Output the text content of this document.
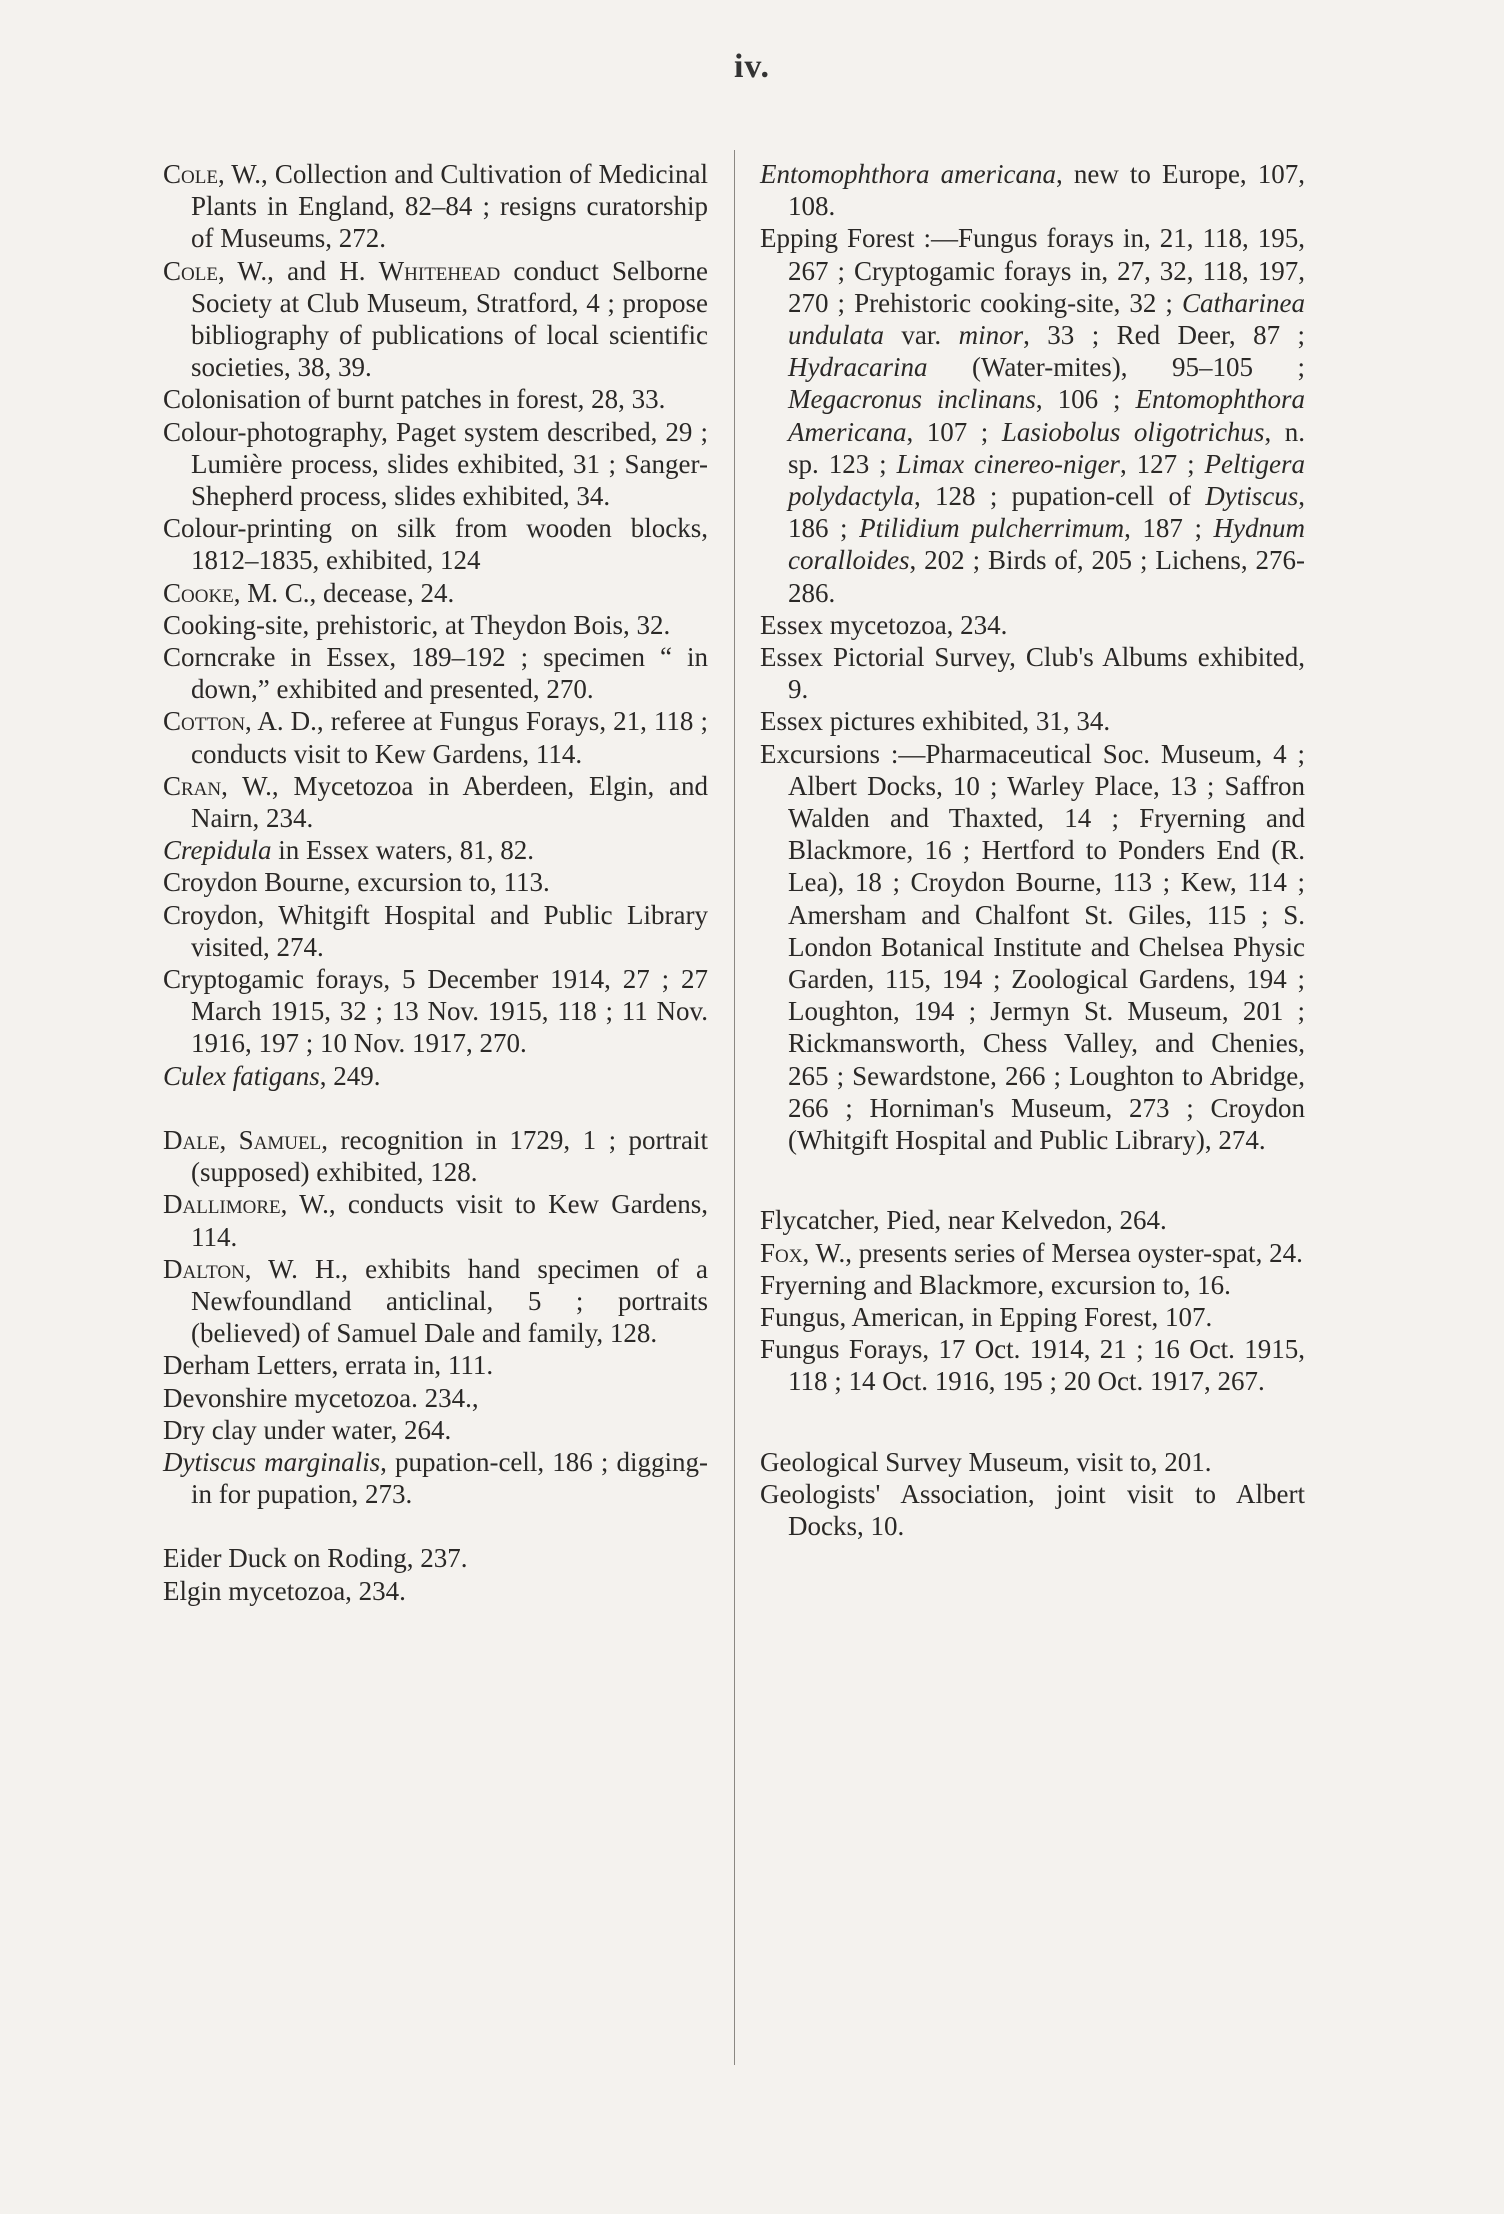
iv.

Cole, W., Collection and Cultivation of Medicinal Plants in England, 82–84 ; resigns curatorship of Museums, 272.

Cole, W., and H. Whitehead conduct Selborne Society at Club Museum, Stratford, 4 ; propose bibliography of publications of local scientific societies, 38, 39.

Colonisation of burnt patches in forest, 28, 33.

Colour-photography, Paget system described, 29 ; Lumière process, slides exhibited, 31 ; Sanger-Shepherd process, slides exhibited, 34.

Colour-printing on silk from wooden blocks, 1812–1835, exhibited, 124

Cooke, M. C., decease, 24.

Cooking-site, prehistoric, at Theydon Bois, 32.

Corncrake in Essex, 189–192 ; specimen “ in down,” exhibited and presented, 270.

Cotton, A. D., referee at Fungus Forays, 21, 118 ; conducts visit to Kew Gardens, 114.

Cran, W., Mycetozoa in Aberdeen, Elgin, and Nairn, 234.

Crepidula in Essex waters, 81, 82.

Croydon Bourne, excursion to, 113.

Croydon, Whitgift Hospital and Public Library visited, 274.

Cryptogamic forays, 5 December 1914, 27 ; 27 March 1915, 32 ; 13 Nov. 1915, 118 ; 11 Nov. 1916, 197 ; 10 Nov. 1917, 270.

Culex fatigans, 249.

Dale, Samuel, recognition in 1729, 1 ; portrait (supposed) exhibited, 128.

Dallimore, W., conducts visit to Kew Gardens, 114.

Dalton, W. H., exhibits hand specimen of a Newfoundland anticlinal, 5 ; portraits (believed) of Samuel Dale and family, 128.

Derham Letters, errata in, 111.

Devonshire mycetozoa. 234.,

Dry clay under water, 264.

Dytiscus marginalis, pupation-cell, 186 ; digging-in for pupation, 273.

Eider Duck on Roding, 237.

Elgin mycetozoa, 234.

Entomophthora americana, new to Europe, 107, 108.

Epping Forest :—Fungus forays in, 21, 118, 195, 267 ; Cryptogamic forays in, 27, 32, 118, 197, 270 ; Prehistoric cooking-site, 32 ; Catharinea undulata var. minor, 33 ; Red Deer, 87 ; Hydracarina (Water-mites), 95–105 ; Megacronus inclinans, 106 ; Entomophthora Americana, 107 ; Lasiobolus oligotrichus, n. sp. 123 ; Limax cinereo-niger, 127 ; Peltigera polydactyla, 128 ; pupation-cell of Dytiscus, 186 ; Ptilidium pulcherrimum, 187 ; Hydnum coralloides, 202 ; Birds of, 205 ; Lichens, 276-286.

Essex mycetozoa, 234.

Essex Pictorial Survey, Club's Albums exhibited, 9.

Essex pictures exhibited, 31, 34.

Excursions :—Pharmaceutical Soc. Museum, 4 ; Albert Docks, 10 ; Warley Place, 13 ; Saffron Walden and Thaxted, 14 ; Fryerning and Blackmore, 16 ; Hertford to Ponders End (R. Lea), 18 ; Croydon Bourne, 113 ; Kew, 114 ; Amersham and Chalfont St. Giles, 115 ; S. London Botanical Institute and Chelsea Physic Garden, 115, 194 ; Zoological Gardens, 194 ; Loughton, 194 ; Jermyn St. Museum, 201 ; Rickmansworth, Chess Valley, and Chenies, 265 ; Sewardstone, 266 ; Loughton to Abridge, 266 ; Horniman's Museum, 273 ; Croydon (Whitgift Hospital and Public Library), 274.

Flycatcher, Pied, near Kelvedon, 264.

Fox, W., presents series of Mersea oyster-spat, 24.

Fryerning and Blackmore, excursion to, 16.

Fungus, American, in Epping Forest, 107.

Fungus Forays, 17 Oct. 1914, 21 ; 16 Oct. 1915, 118 ; 14 Oct. 1916, 195 ; 20 Oct. 1917, 267.

Geological Survey Museum, visit to, 201.

Geologists' Association, joint visit to Albert Docks, 10.
